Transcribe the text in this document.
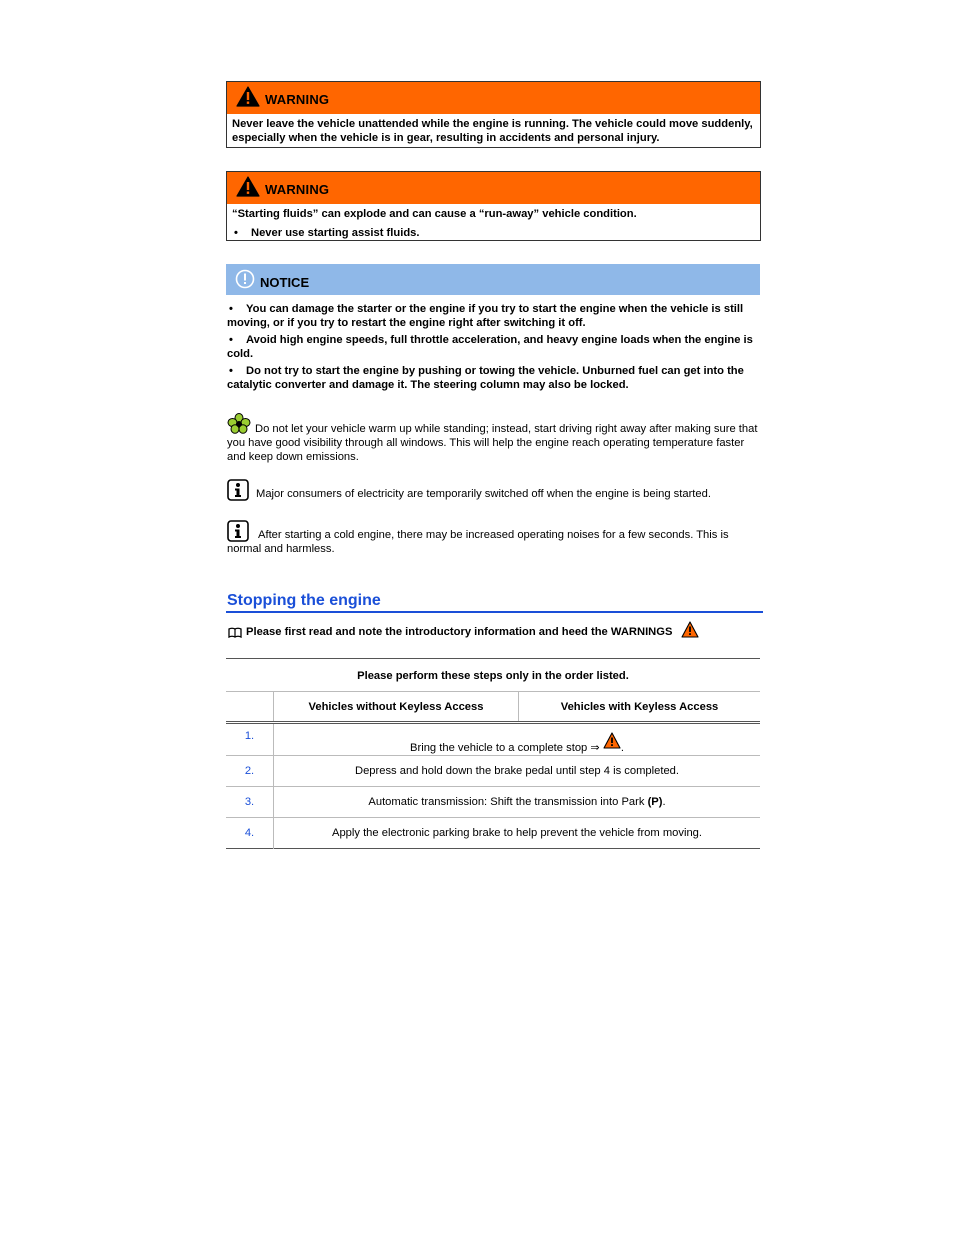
WARNING
Never leave the vehicle unattended while the engine is running. The vehicle could move suddenly, especially when the vehicle is in gear, resulting in accidents and personal injury.
WARNING
“Starting fluids” can explode and can cause a “run-away” vehicle condition.
•	Never use starting assist fluids.
NOTICE
• You can damage the starter or the engine if you try to start the engine when the vehicle is still moving, or if you try to restart the engine right after switching it off.
• Avoid high engine speeds, full throttle acceleration, and heavy engine loads when the engine is cold.
• Do not try to start the engine by pushing or towing the vehicle. Unburned fuel can get into the catalytic converter and damage it. The steering column may also be locked.
Do not let your vehicle warm up while standing; instead, start driving right away after making sure that you have good visibility through all windows. This will help the engine reach operating temperature faster and keep down emissions.
Major consumers of electricity are temporarily switched off when the engine is being started.
After starting a cold engine, there may be increased operating noises for a few seconds. This is normal and harmless.
Stopping the engine
Please first read and note the introductory information and heed the WARNINGS
Please perform these steps only in the order listed.		
	Vehicles without Keyless Access	Vehicles with Keyless Access
1.	Bring the vehicle to a complete stop ⇒ .	
2.	Depress and hold down the brake pedal until step 4 is completed.	
3.	Automatic transmission: Shift the transmission into Park (P).	
4.	Apply the electronic parking brake to help prevent the vehicle from moving.	
